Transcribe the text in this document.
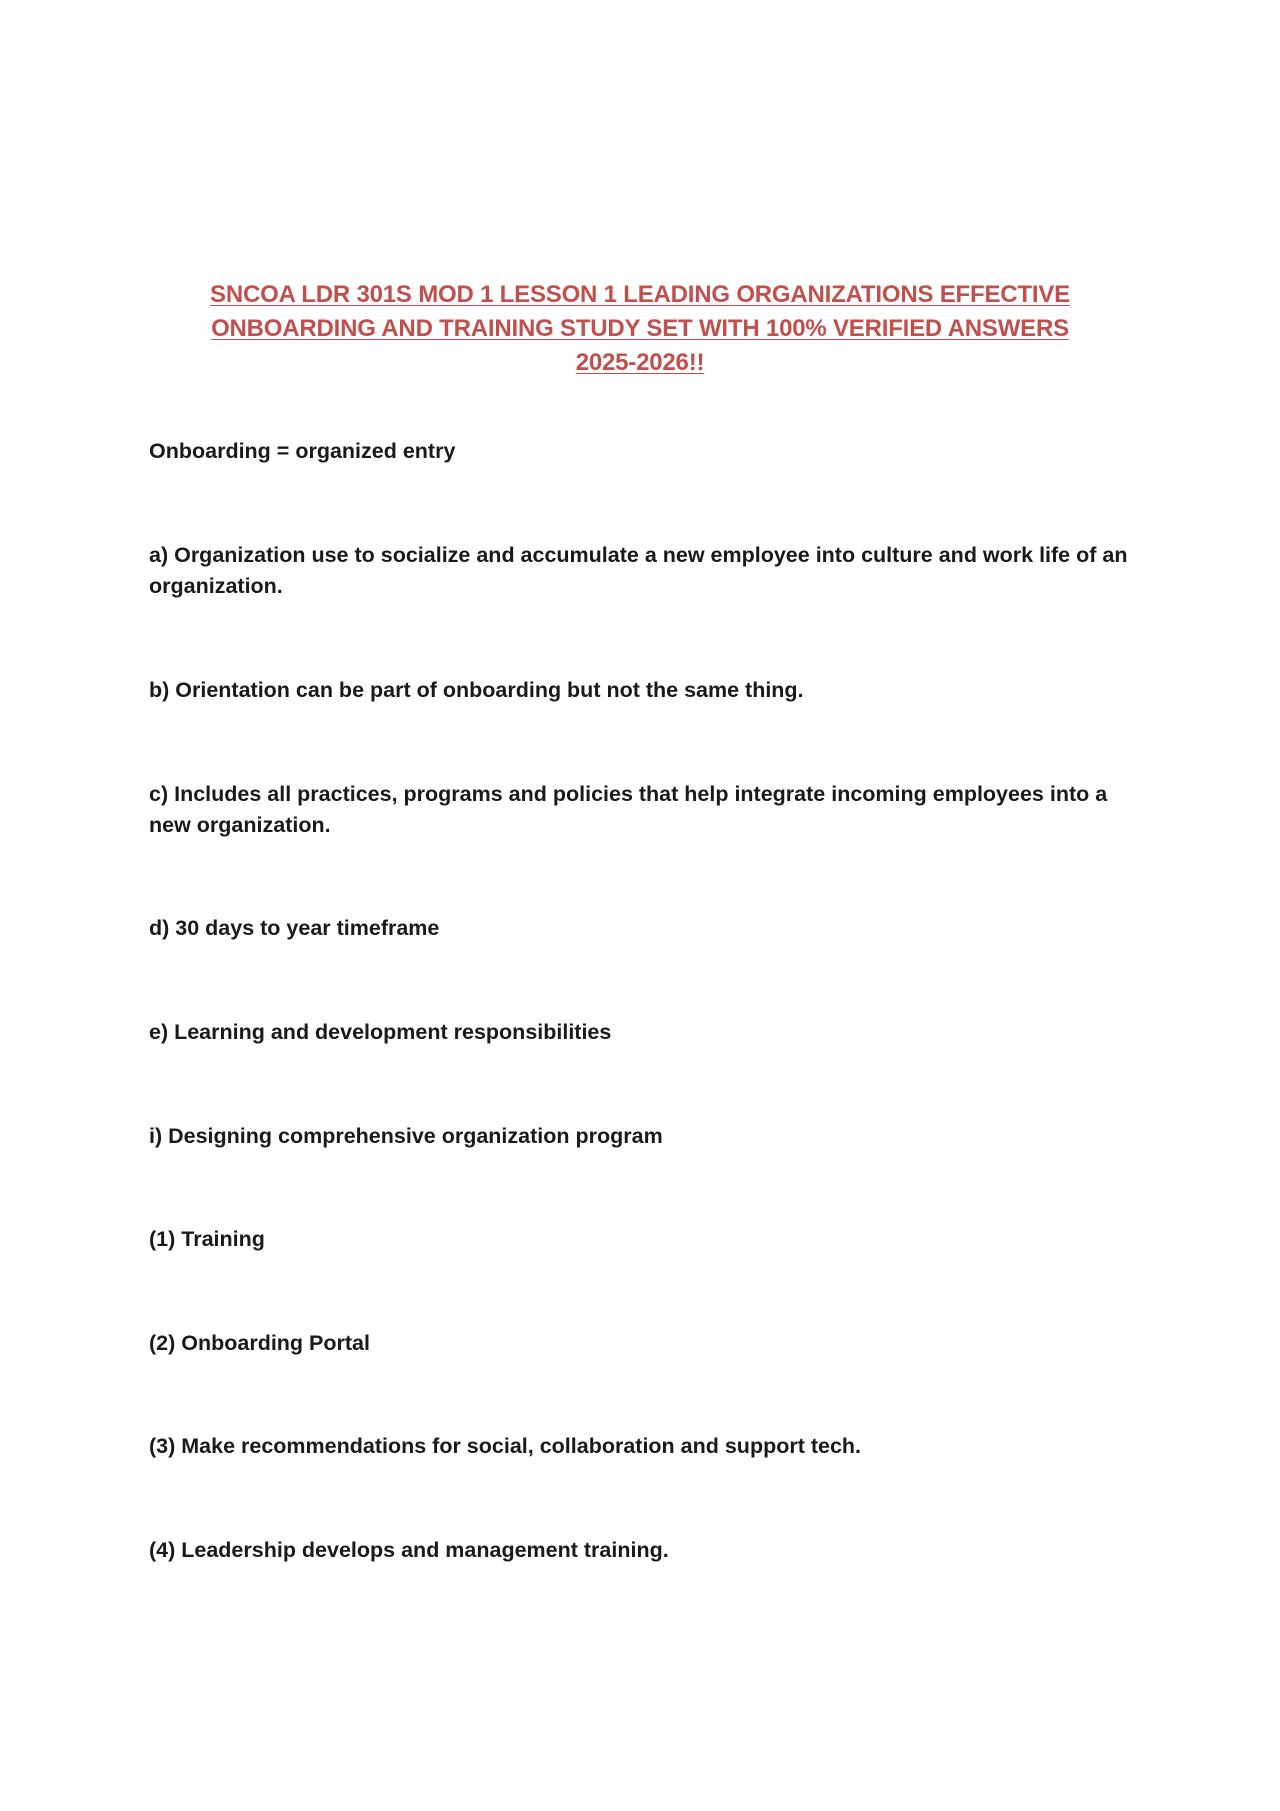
SNCOA LDR 301S MOD 1 LESSON 1 LEADING ORGANIZATIONS EFFECTIVE
ONBOARDING AND TRAINING STUDY SET WITH 100% VERIFIED ANSWERS
2025-2026!!

Onboarding = organized entry

a) Organization use to socialize and accumulate a new employee into culture and work life of an organization.

b) Orientation can be part of onboarding but not the same thing.

c) Includes all practices, programs and policies that help integrate incoming employees into a new organization.

d) 30 days to year timeframe

e) Learning and development responsibilities

i) Designing comprehensive organization program

(1) Training

(2) Onboarding Portal

(3) Make recommendations for social, collaboration and support tech.

(4) Leadership develops and management training.
